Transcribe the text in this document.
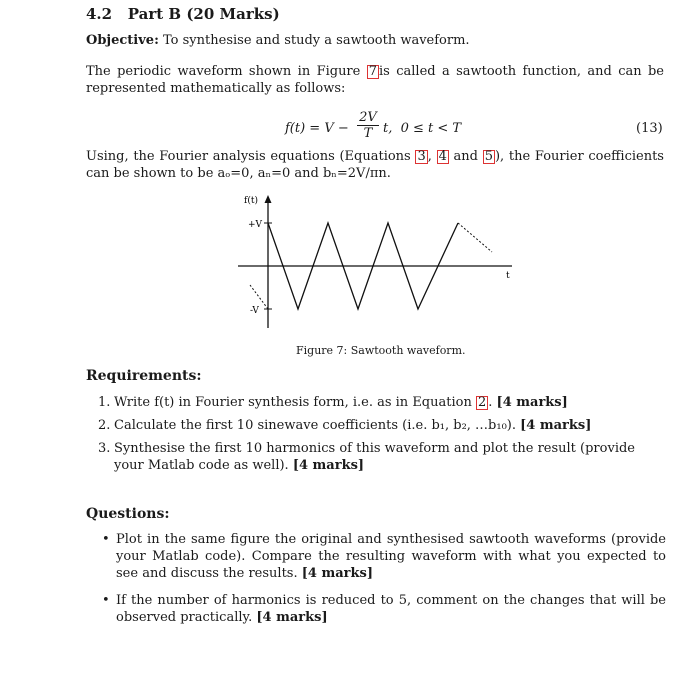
4.2 Part B (20 Marks)
Objective: To synthesise and study a sawtooth waveform.
The periodic waveform shown in Figure 7 is called a sawtooth function, and can be represented mathematically as follows:
$f(t) = V - \frac{2V}{T} t$,  0 ≤ t < T	(13)
Using, the Fourier analysis equations (Equations 3 , 4 and 5 ), the Fourier coefficients can be shown to be aₒ=0, aₙ=0 and bₙ=2V/πn.
f(t)
+V
-V
t
Figure 7: Sawtooth waveform.
Requirements:
1. Write f(t) in Fourier synthesis form, i.e. as in Equation 2 . [4 marks]
2. Calculate the first 10 sinewave coefficients (i.e. b₁, b₂, …b₁₀). [4 marks]
3. Synthesise the first 10 harmonics of this waveform and plot the result (provide your Matlab code as well). [4 marks]
Questions:
• Plot in the same figure the original and synthesised sawtooth waveforms (provide your Matlab code). Compare the resulting waveform with what you expected to see and discuss the results. [4 marks]
• If the number of harmonics is reduced to 5, comment on the changes that will be observed practically. [4 marks]
